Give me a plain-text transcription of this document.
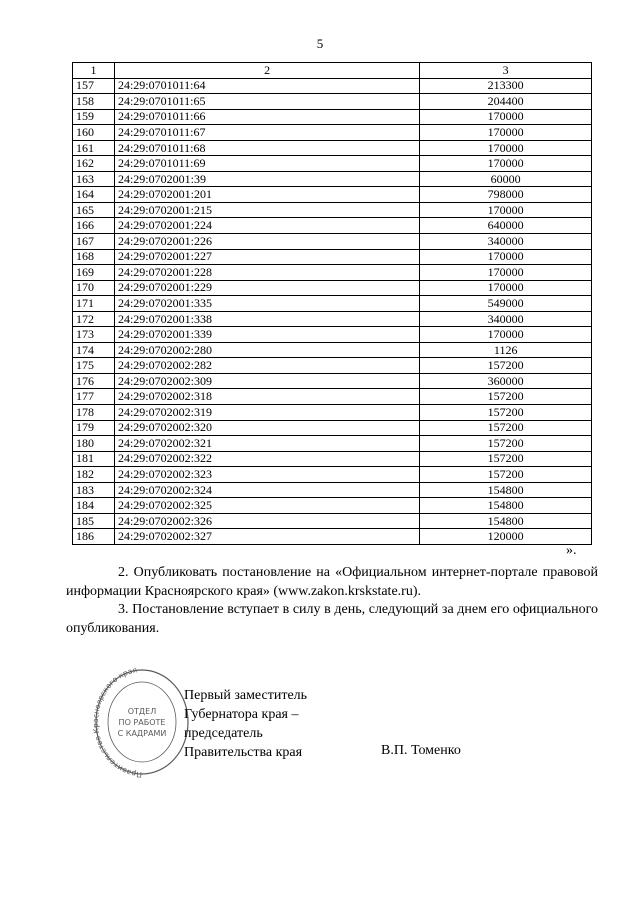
5
1	2	3
157	24:29:0701011:64	213300
158	24:29:0701011:65	204400
159	24:29:0701011:66	170000
160	24:29:0701011:67	170000
161	24:29:0701011:68	170000
162	24:29:0701011:69	170000
163	24:29:0702001:39	60000
164	24:29:0702001:201	798000
165	24:29:0702001:215	170000
166	24:29:0702001:224	640000
167	24:29:0702001:226	340000
168	24:29:0702001:227	170000
169	24:29:0702001:228	170000
170	24:29:0702001:229	170000
171	24:29:0702001:335	549000
172	24:29:0702001:338	340000
173	24:29:0702001:339	170000
174	24:29:0702002:280	1126
175	24:29:0702002:282	157200
176	24:29:0702002:309	360000
177	24:29:0702002:318	157200
178	24:29:0702002:319	157200
179	24:29:0702002:320	157200
180	24:29:0702002:321	157200
181	24:29:0702002:322	157200
182	24:29:0702002:323	157200
183	24:29:0702002:324	154800
184	24:29:0702002:325	154800
185	24:29:0702002:326	154800
186	24:29:0702002:327	120000
».
2. Опубликовать постановление на «Официальном интернет-портале правовой информации Красноярского края» (www.zakon.krskstate.ru).
3. Постановление вступает в силу в день, следующий за днем его официального опубликования.
Правительство К сноярского края
ОТДЕЛ
ПО РАБОТЕ
С КАДРАМИ
Первый заместитель
Губернатора края –
председатель
Правительства края	В.П. Томенко
